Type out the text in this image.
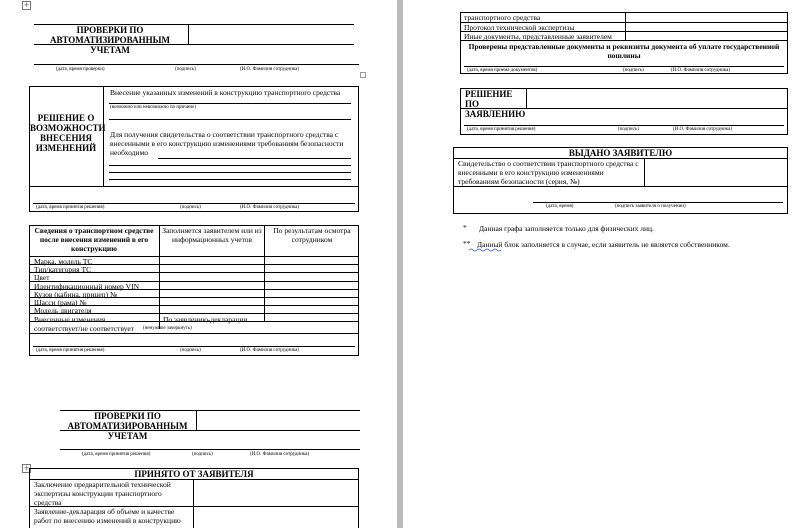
+
ПРОВЕРКИ ПО АВТОМАТИЗИРОВАННЫМ УЧЕТАМ
(дата, время проверки)	(подпись)	(И.О. Фамилия сотрудника)
РЕШЕНИЕ О ВОЗМОЖНОСТИ ВНЕСЕНИЯ ИЗМЕНЕНИЙ
Внесение указанных изменений в конструкцию транспортного средства
(возможно или невозможно по причине)
Для получения свидетельства о соответствии транспортного средства с внесенными в его конструкцию изменениями требованиям безопасности необходимо
(дата, время принятия решения)	(подпись)	(И.О. Фамилия сотрудника)
Сведения о транспортном средстве после внесения изменений в его конструкцию
Заполняется заявителем или из информационных учетов
По результатам осмотра сотрудником
Марка, модель ТС
Тип/категория ТС
Цвет
Идентификационный номер VIN
Кузов (кабина, прицеп) №
Шасси (рама) №
Модель двигателя
Внесенные изменения	По заявлению-декларации
соответствует/не соответствует (ненужное зачеркнуть)
(дата, время принятия решения)	(подпись)	(И.О. Фамилия сотрудника)
ПРОВЕРКИ ПО АВТОМАТИЗИРОВАННЫМ УЧЕТАМ
(дата, время принятия решения)	(подпись)	(И.О. Фамилия сотрудника)
+
ПРИНЯТО ОТ ЗАЯВИТЕЛЯ
Заключение предварительной технической экспертизы конструкции транспортного средства
Заявление-декларация об объеме и качестве работ по внесению изменений в конструкцию
транспортного средства
Протокол технической экспертизы
Иные документы, представленные заявителем
Проверены представленные документы и реквизиты документа об уплате государственной пошлины
(дата, время приема документов)	(подпись)	(И.О. Фамилия сотрудника)
РЕШЕНИЕ ПО ЗАЯВЛЕНИЮ
(дата, время принятия решения)	(подпись)	(И.О. Фамилия сотрудника)
ВЫДАНО ЗАЯВИТЕЛЮ
Свидетельство о соответствии транспортного средства с внесенными в его конструкцию изменениями требованиям безопасности (серия, №)
(дата, время)	(подпись заявителя о получении)
* Данная графа заполняется только для физических лиц.
** Данный блок заполняется в случае, если заявитель не является собственником.
